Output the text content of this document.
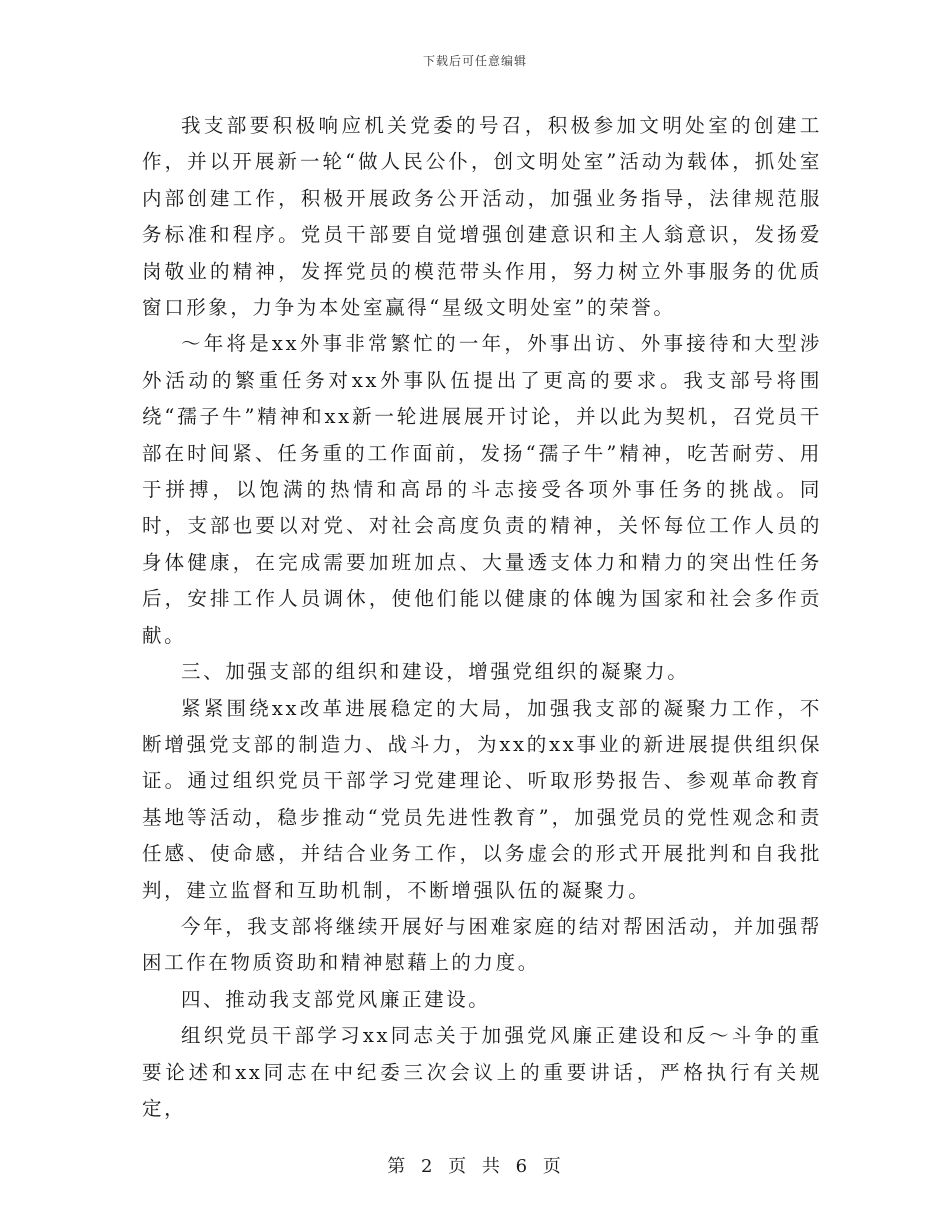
下载后可任意编辑

我支部要积极响应机关党委的号召，积极参加文明处室的创建工作，并以开展新一轮“做人民公仆，创文明处室”活动为载体，抓处室内部创建工作，积极开展政务公开活动，加强业务指导，法律规范服务标准和程序。党员干部要自觉增强创建意识和主人翁意识，发扬爱岗敬业的精神，发挥党员的模范带头作用，努力树立外事服务的优质窗口形象，力争为本处室赢得“星级文明处室”的荣誉。

～年将是xx外事非常繁忙的一年，外事出访、外事接待和大型涉外活动的繁重任务对xx外事队伍提出了更高的要求。我支部号将围绕“孺子牛”精神和xx新一轮进展展开讨论，并以此为契机，召党员干部在时间紧、任务重的工作面前，发扬“孺子牛”精神，吃苦耐劳、用于拼搏，以饱满的热情和高昂的斗志接受各项外事任务的挑战。同时，支部也要以对党、对社会高度负责的精神，关怀每位工作人员的身体健康，在完成需要加班加点、大量透支体力和精力的突出性任务后，安排工作人员调休，使他们能以健康的体魄为国家和社会多作贡献。

三、加强支部的组织和建设，增强党组织的凝聚力。

紧紧围绕xx改革进展稳定的大局，加强我支部的凝聚力工作，不断增强党支部的制造力、战斗力，为xx的xx事业的新进展提供组织保证。通过组织党员干部学习党建理论、听取形势报告、参观革命教育基地等活动，稳步推动“党员先进性教育”，加强党员的党性观念和责任感、使命感，并结合业务工作，以务虚会的形式开展批判和自我批判，建立监督和互助机制，不断增强队伍的凝聚力。

今年，我支部将继续开展好与困难家庭的结对帮困活动，并加强帮困工作在物质资助和精神慰藉上的力度。

四、推动我支部党风廉正建设。

组织党员干部学习xx同志关于加强党风廉正建设和反～斗争的重要论述和xx同志在中纪委三次会议上的重要讲话，严格执行有关规定，

第 2 页 共 6 页
